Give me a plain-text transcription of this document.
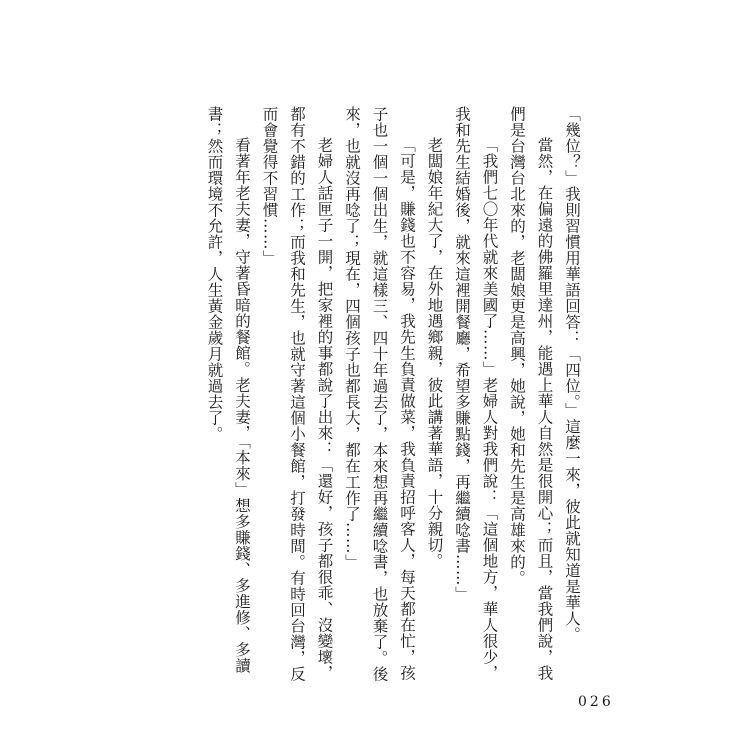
「幾位？」我則習慣用華語回答：「四位。」這麼一來，彼此就知道是華人。

當然，在偏遠的佛羅里達州，能遇上華人自然是很開心；而且，當我們說，我們是台灣台北來的，老闆娘更是高興，她說，她和先生是高雄來的。

「我們七〇年代就來美國了……」老婦人對我們說：「這個地方，華人很少，我和先生結婚後，就來這裡開餐廳，希望多賺點錢，再繼續唸書……」

老闆娘年紀大了，在外地遇鄉親，彼此講著華語，十分親切。

「可是，賺錢也不容易，我先生負責做菜，我負責招呼客人，每天都在忙，孩子也一個一個出生，就這樣三、四十年過去了，本來想再繼續唸書，也放棄了。後來，也就沒再唸了；現在，四個孩子也都長大，都在工作了……」

老婦人話匣子一開，把家裡的事都說了出來：「還好，孩子都很乖、沒變壞，都有不錯的工作；而我和先生，也就守著這個小餐館，打發時間。有時回台灣，反而會覺得不習慣……」

看著年老夫妻，守著昏暗的餐館。老夫妻，「本來」想多賺錢、多進修、多讀書；然而環境不允許，人生黃金歲月就過去了。

026
